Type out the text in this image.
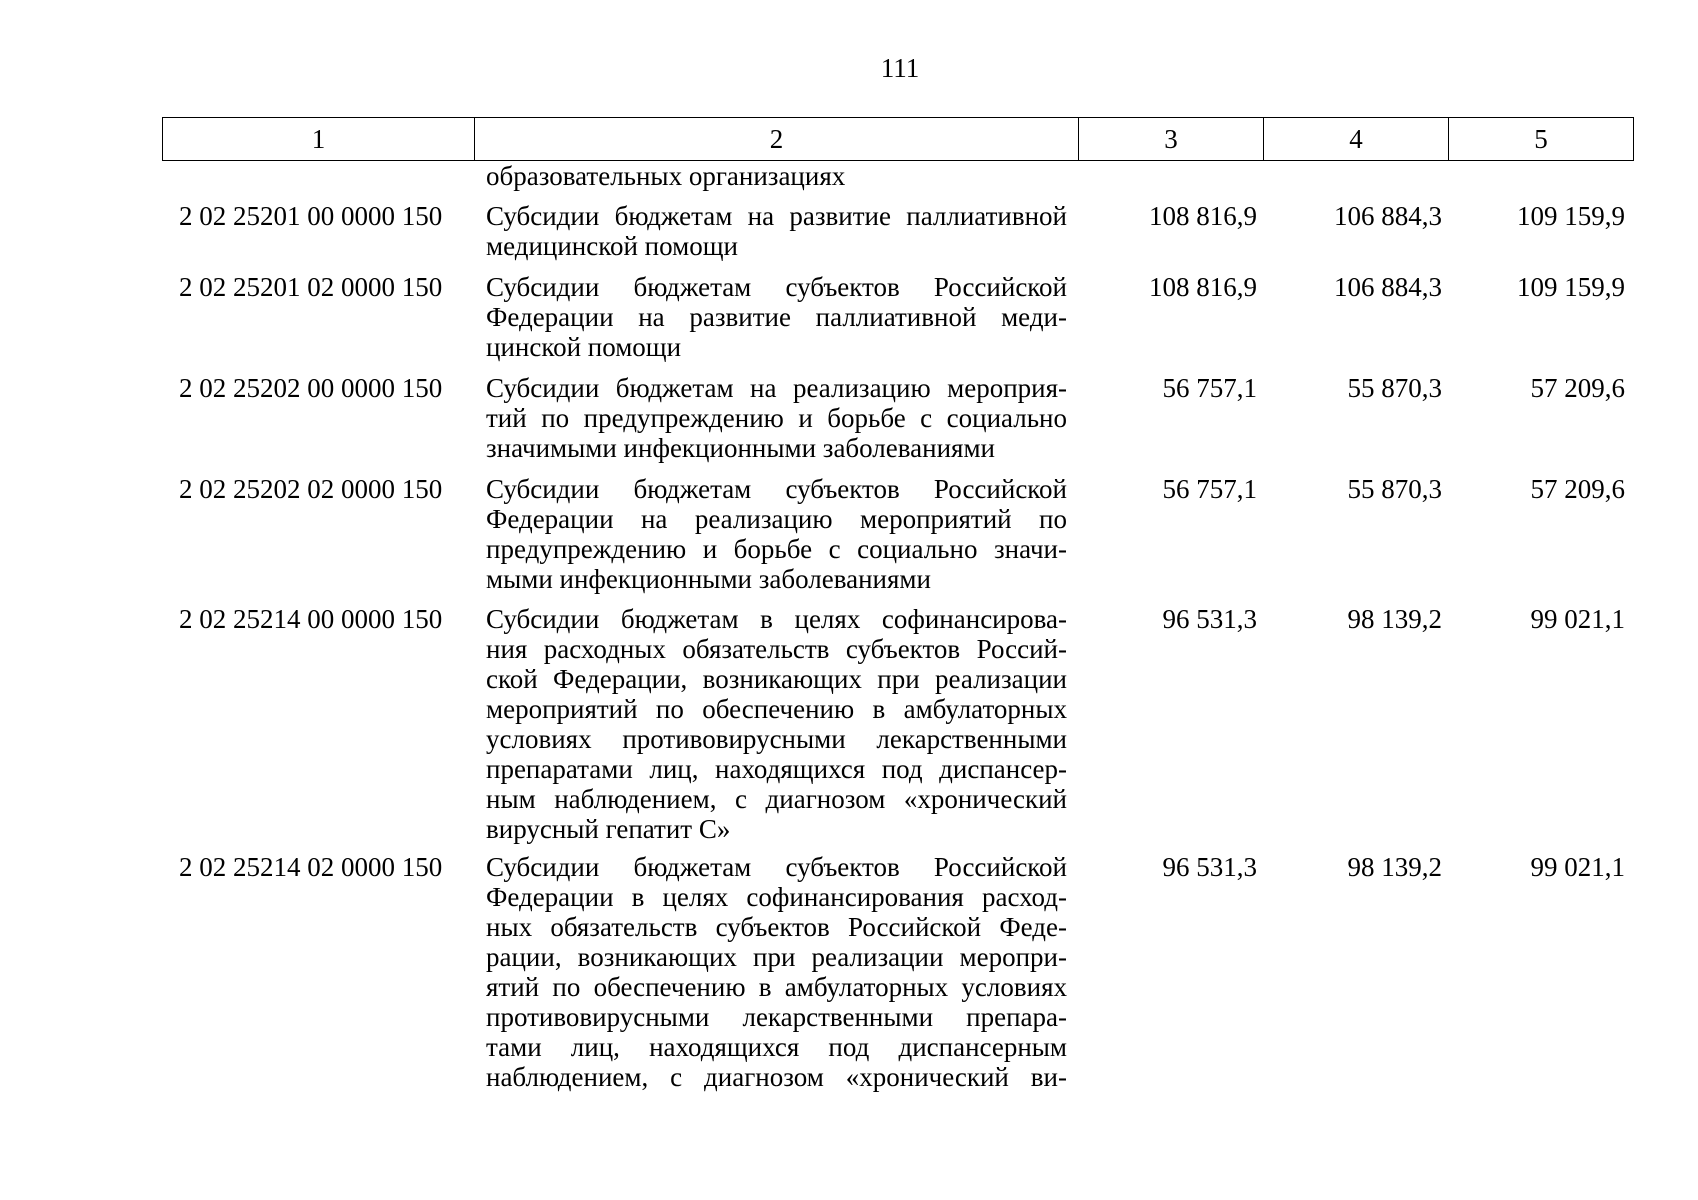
111
1	2	3	4	5
образовательных организациях
2 02 25201 00 0000 150 Субсидии бюджетам на развитие паллиативной
медицинской помощи
108 816,9	106 884,3	109 159,9
2 02 25201 02 0000 150 Субсидии бюджетам субъектов Российской
Федерации на развитие паллиативной меди-
цинской помощи
108 816,9	106 884,3	109 159,9
2 02 25202 00 0000 150 Субсидии бюджетам на реализацию мероприя-
тий по предупреждению и борьбе с социально
значимыми инфекционными заболеваниями
56 757,1	55 870,3	57 209,6
2 02 25202 02 0000 150 Субсидии бюджетам субъектов Российской
Федерации на реализацию мероприятий по
предупреждению и борьбе с социально значи-
мыми инфекционными заболеваниями
56 757,1	55 870,3	57 209,6
2 02 25214 00 0000 150 Субсидии бюджетам в целях софинансирова-
ния расходных обязательств субъектов Россий-
ской Федерации, возникающих при реализации
мероприятий по обеспечению в амбулаторных
условиях противовирусными лекарственными
препаратами лиц, находящихся под диспансер-
ным наблюдением, с диагнозом «хронический
вирусный гепатит С»
96 531,3	98 139,2	99 021,1
2 02 25214 02 0000 150 Субсидии бюджетам субъектов Российской
Федерации в целях софинансирования расход-
ных обязательств субъектов Российской Феде-
рации, возникающих при реализации меропри-
ятий по обеспечению в амбулаторных условиях
противовирусными лекарственными препара-
тами лиц, находящихся под диспансерным
наблюдением, с диагнозом «хронический ви-
96 531,3	98 139,2	99 021,1
